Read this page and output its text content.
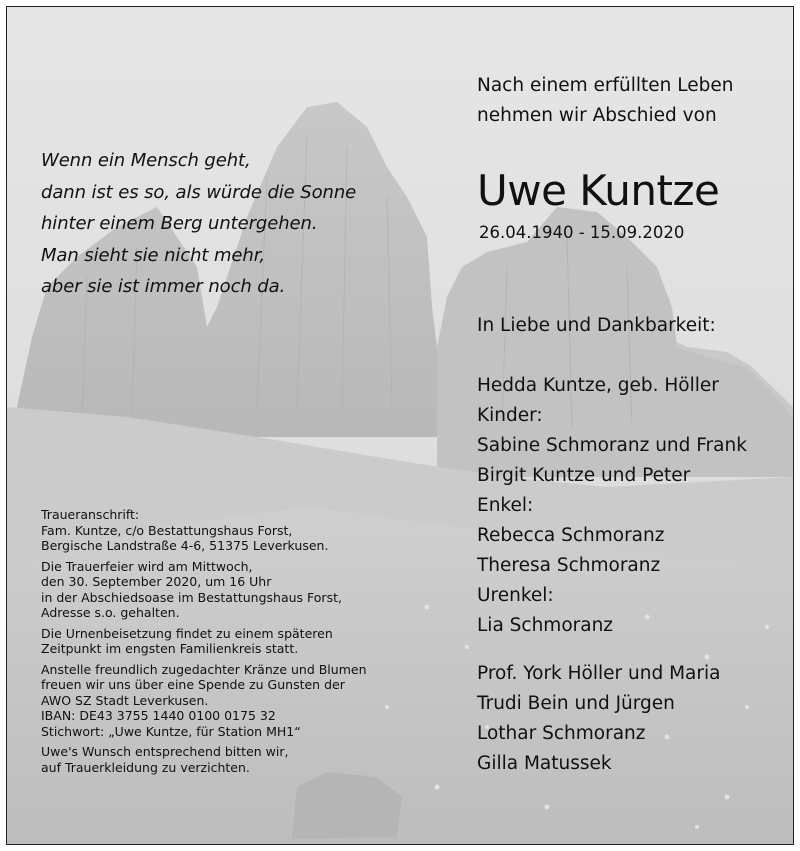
Wenn ein Mensch geht,
dann ist es so, als würde die Sonne
hinter einem Berg untergehen.
Man sieht sie nicht mehr,
aber sie ist immer noch da.
Nach einem erfüllten Leben
nehmen wir Abschied von
Uwe Kuntze
26.04.1940 - 15.09.2020
In Liebe und Dankbarkeit:
Hedda Kuntze, geb. Höller
Kinder:
Sabine Schmoranz und Frank
Birgit Kuntze und Peter
Enkel:
Rebecca Schmoranz
Theresa Schmoranz
Urenkel:
Lia Schmoranz
Prof. York Höller und Maria
Trudi Bein und Jürgen
Lothar Schmoranz
Gilla Matussek
Traueranschrift:
Fam. Kuntze, c/o Bestattungshaus Forst,
Bergische Landstraße 4-6, 51375 Leverkusen.
Die Trauerfeier wird am Mittwoch,
den 30. September 2020, um 16 Uhr
in der Abschiedsoase im Bestattungshaus Forst,
Adresse s.o. gehalten.
Die Urnenbeisetzung findet zu einem späteren
Zeitpunkt im engsten Familienkreis statt.
Anstelle freundlich zugedachter Kränze und Blumen
freuen wir uns über eine Spende zu Gunsten der
AWO SZ Stadt Leverkusen.
IBAN: DE43 3755 1440 0100 0175 32
Stichwort: „Uwe Kuntze, für Station MH1“
Uwe's Wunsch entsprechend bitten wir,
auf Trauerkleidung zu verzichten.
